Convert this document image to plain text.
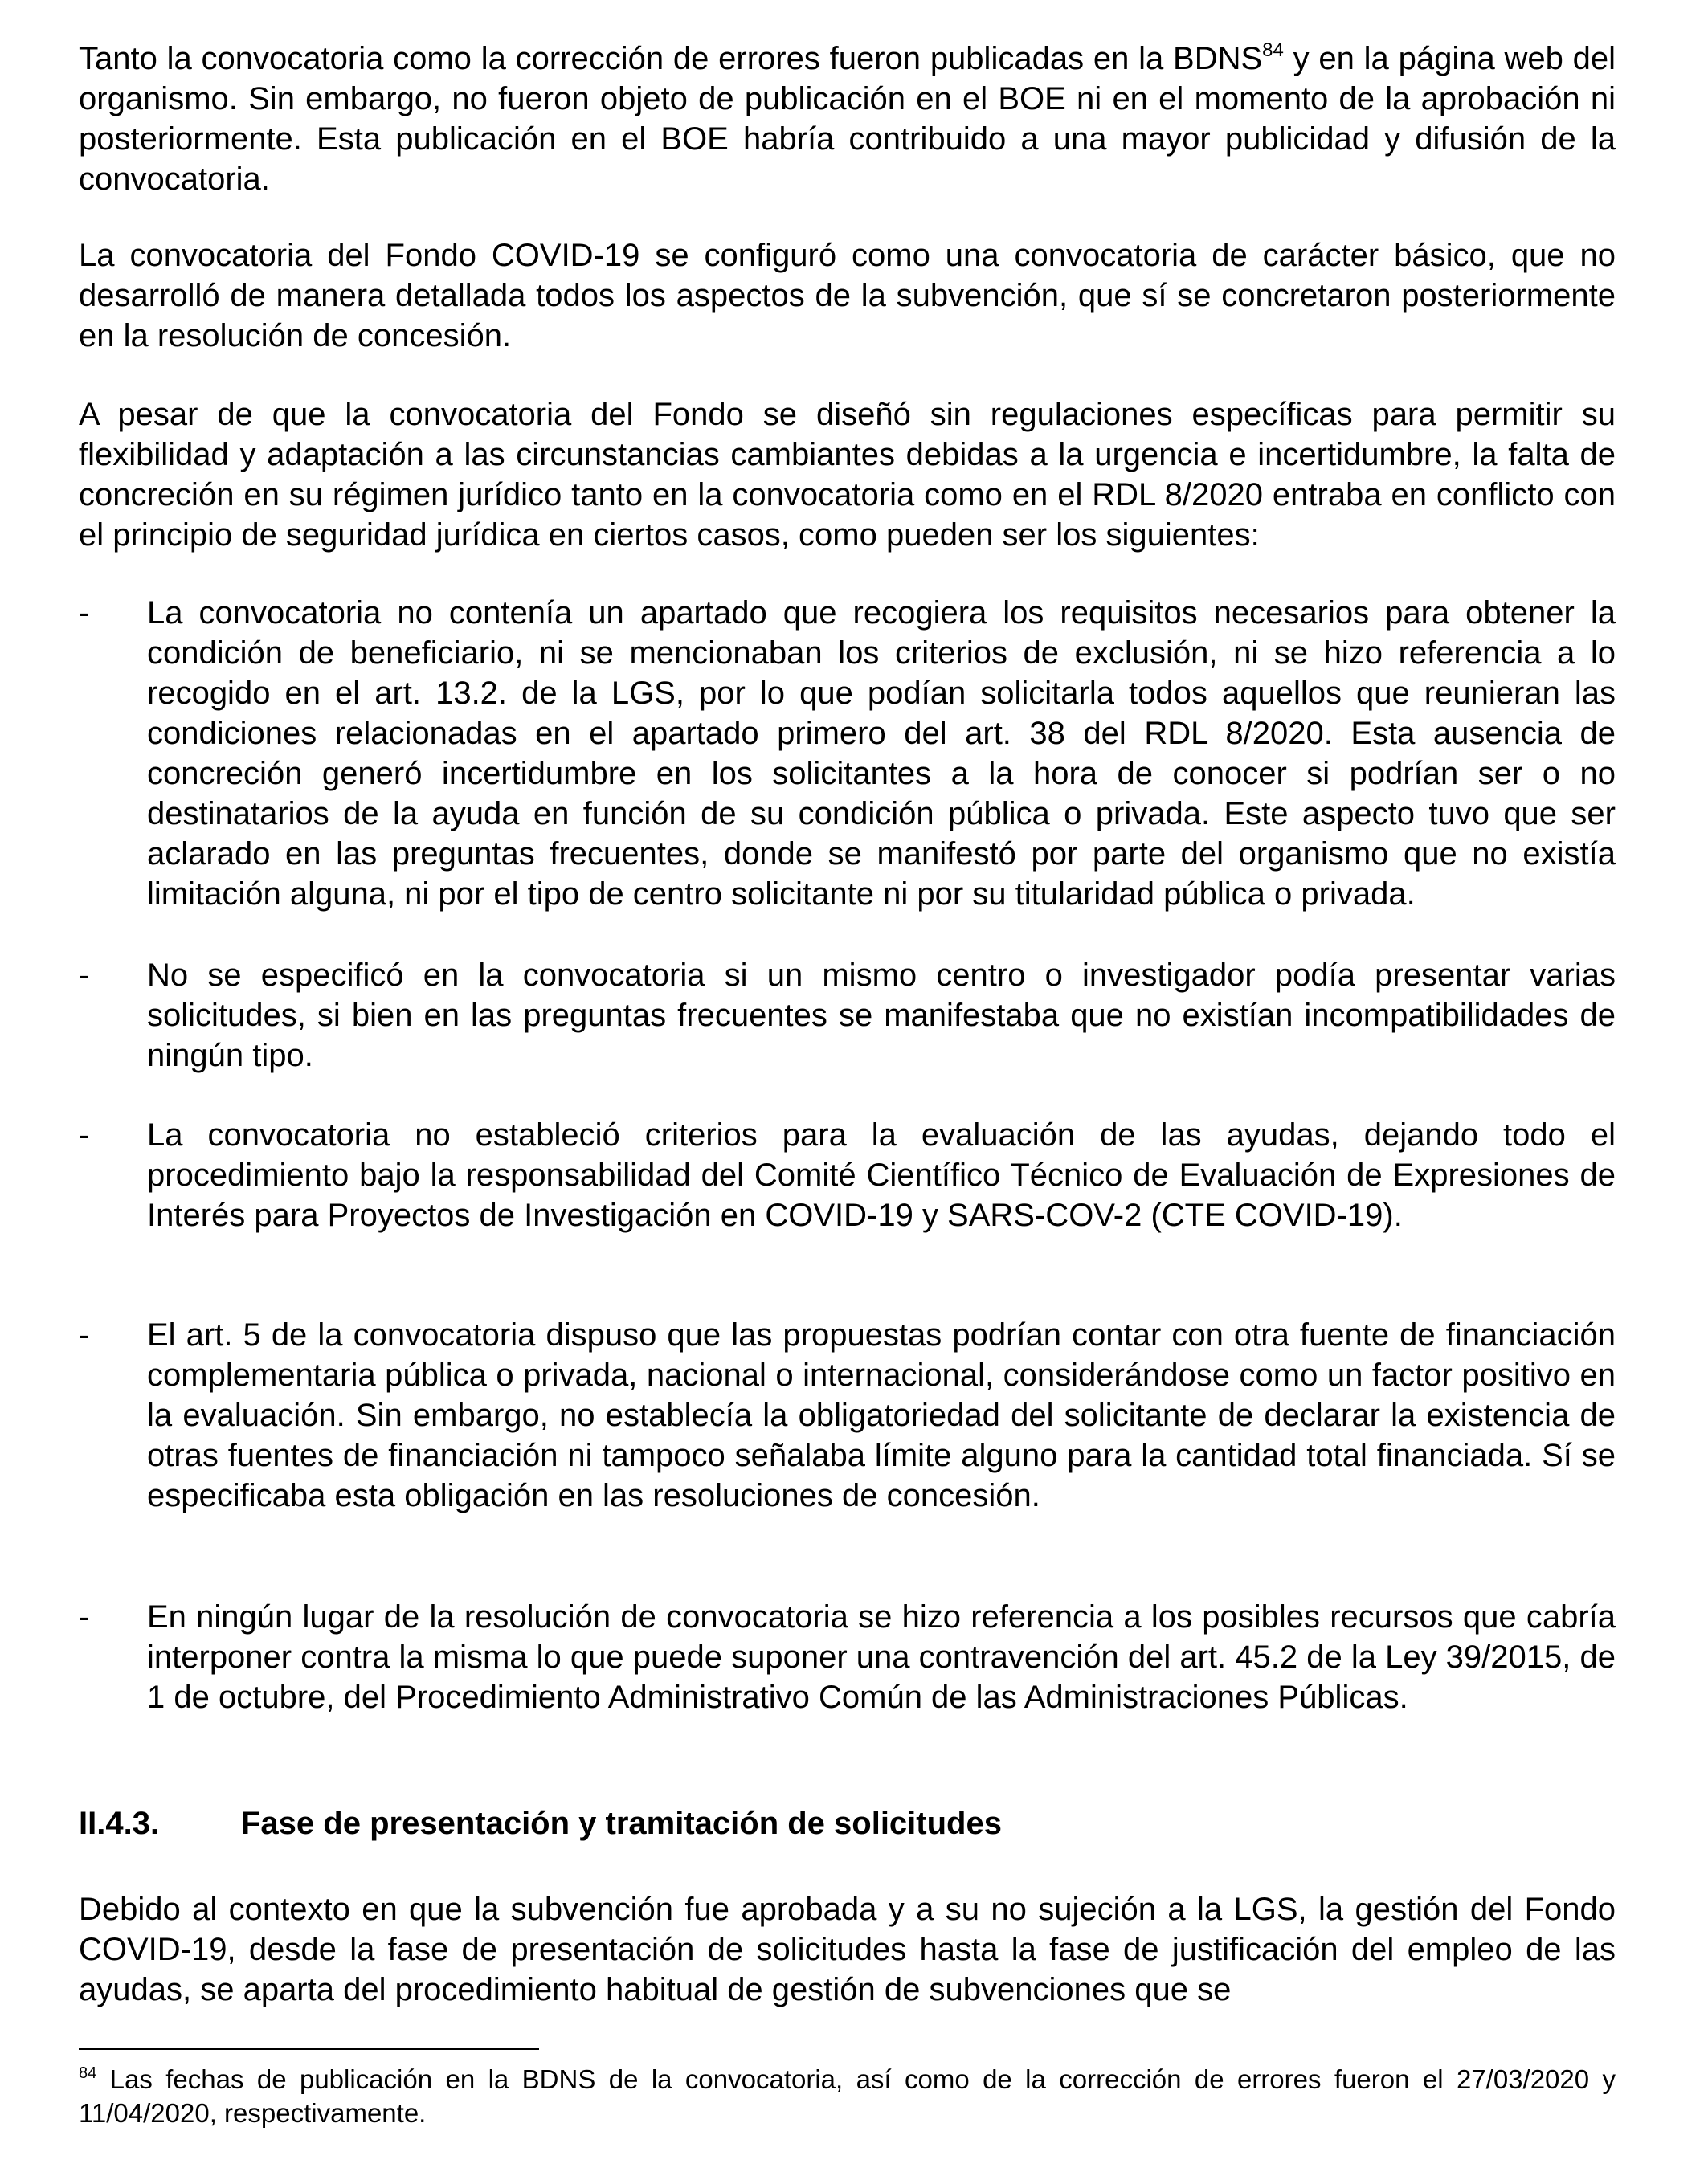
Tanto la convocatoria como la corrección de errores fueron publicadas en la BDNS$^{84}$ y en la página web del organismo. Sin embargo, no fueron objeto de publicación en el BOE ni en el momento de la aprobación ni posteriormente. Esta publicación en el BOE habría contribuido a una mayor publicidad y difusión de la convocatoria.
La convocatoria del Fondo COVID-19 se configuró como una convocatoria de carácter básico, que no desarrolló de manera detallada todos los aspectos de la subvención, que sí se concretaron posteriormente en la resolución de concesión.
A pesar de que la convocatoria del Fondo se diseñó sin regulaciones específicas para permitir su flexibilidad y adaptación a las circunstancias cambiantes debidas a la urgencia e incertidumbre, la falta de concreción en su régimen jurídico tanto en la convocatoria como en el RDL 8/2020 entraba en conflicto con el principio de seguridad jurídica en ciertos casos, como pueden ser los siguientes:
- La convocatoria no contenía un apartado que recogiera los requisitos necesarios para obtener la condición de beneficiario, ni se mencionaban los criterios de exclusión, ni se hizo referencia a lo recogido en el art. 13.2. de la LGS, por lo que podían solicitarla todos aquellos que reunieran las condiciones relacionadas en el apartado primero del art. 38 del RDL 8/2020. Esta ausencia de concreción generó incertidumbre en los solicitantes a la hora de conocer si podrían ser o no destinatarios de la ayuda en función de su condición pública o privada. Este aspecto tuvo que ser aclarado en las preguntas frecuentes, donde se manifestó por parte del organismo que no existía limitación alguna, ni por el tipo de centro solicitante ni por su titularidad pública o privada.
- No se especificó en la convocatoria si un mismo centro o investigador podía presentar varias solicitudes, si bien en las preguntas frecuentes se manifestaba que no existían incompatibilidades de ningún tipo.
- La convocatoria no estableció criterios para la evaluación de las ayudas, dejando todo el procedimiento bajo la responsabilidad del Comité Científico Técnico de Evaluación de Expresiones de Interés para Proyectos de Investigación en COVID-19 y SARS-COV-2 (CTE COVID-19).
- El art. 5 de la convocatoria dispuso que las propuestas podrían contar con otra fuente de financiación complementaria pública o privada, nacional o internacional, considerándose como un factor positivo en la evaluación. Sin embargo, no establecía la obligatoriedad del solicitante de declarar la existencia de otras fuentes de financiación ni tampoco señalaba límite alguno para la cantidad total financiada. Sí se especificaba esta obligación en las resoluciones de concesión.
- En ningún lugar de la resolución de convocatoria se hizo referencia a los posibles recursos que cabría interponer contra la misma lo que puede suponer una contravención del art. 45.2 de la Ley 39/2015, de 1 de octubre, del Procedimiento Administrativo Común de las Administraciones Públicas.
II.4.3.	Fase de presentación y tramitación de solicitudes
Debido al contexto en que la subvención fue aprobada y a su no sujeción a la LGS, la gestión del Fondo COVID-19, desde la fase de presentación de solicitudes hasta la fase de justificación del empleo de las ayudas, se aparta del procedimiento habitual de gestión de subvenciones que se
$^{84}$ Las fechas de publicación en la BDNS de la convocatoria, así como de la corrección de errores fueron el 27/03/2020 y 11/04/2020, respectivamente.
